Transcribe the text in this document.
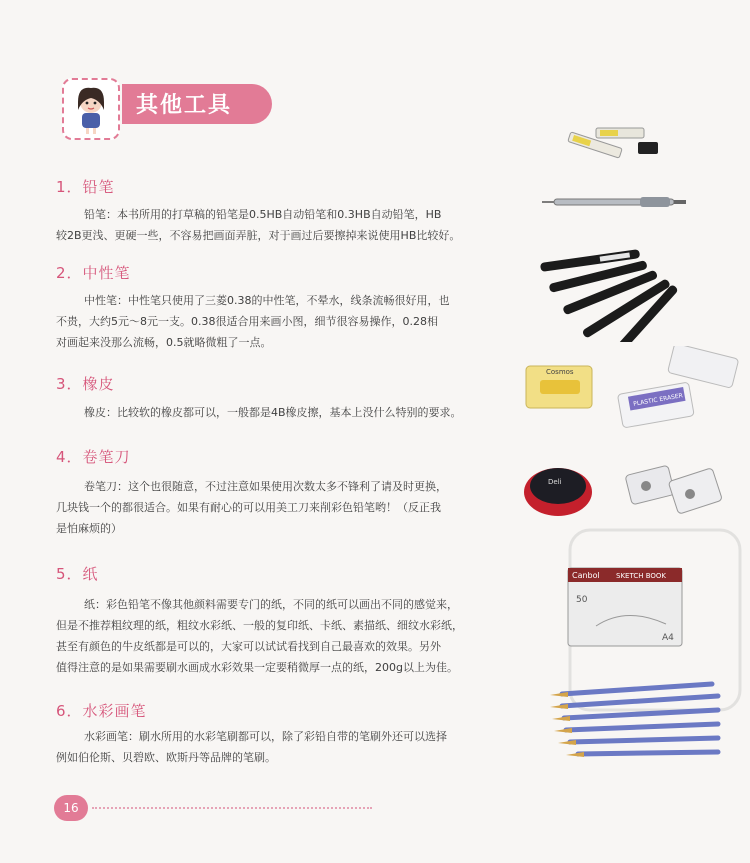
其他工具
1．铅笔
铅笔：本书所用的打草稿的铅笔是0.5HB自动铅笔和0.3HB自动铅笔，HB
较2B更浅、更硬一些，不容易把画面弄脏，对于画过后要擦掉来说使用HB比较好。
2．中性笔
中性笔：中性笔只使用了三菱0.38的中性笔，不晕水，线条流畅很好用，也
不贵，大约5元～8元一支。0.38很适合用来画小图，细节很容易操作，0.28相
对画起来没那么流畅，0.5就略微粗了一点。
3．橡皮
橡皮：比较软的橡皮都可以，一般都是4B橡皮擦，基本上没什么特别的要求。
4．卷笔刀
卷笔刀：这个也很随意，不过注意如果使用次数太多不锋利了请及时更换，
几块钱一个的都很适合。如果有耐心的可以用美工刀来削彩色铅笔哟！（反正我
是怕麻烦的）
5．纸
纸：彩色铅笔不像其他颜料需要专门的纸，不同的纸可以画出不同的感觉来，
但是不推荐粗纹理的纸，粗纹水彩纸、一般的复印纸、卡纸、素描纸、细纹水彩纸，
甚至有颜色的牛皮纸都是可以的，大家可以试试看找到自己最喜欢的效果。另外
值得注意的是如果需要刷水画成水彩效果一定要稍微厚一点的纸，200g以上为佳。
6．水彩画笔
水彩画笔：刷水所用的水彩笔刷都可以，除了彩铅自带的笔刷外还可以选择
例如伯伦斯、贝碧欧、欧斯丹等品牌的笔刷。
Cosmos
PLASTIC ERASER
Deli
Canbol SKETCH BOOK
50
A4
16
